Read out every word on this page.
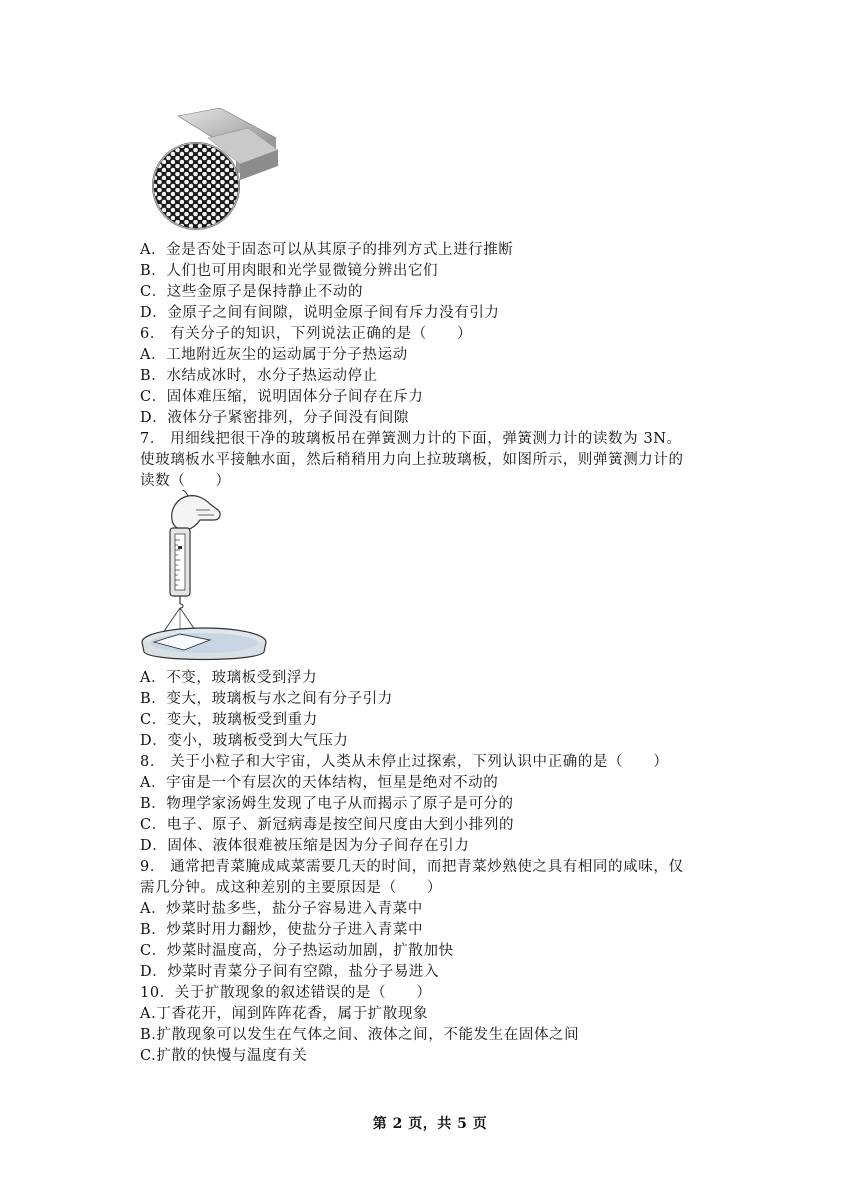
A．金是否处于固态可以从其原子的排列方式上进行推断
B．人们也可用肉眼和光学显微镜分辨出它们
C．这些金原子是保持静止不动的
D．金原子之间有间隙，说明金原子间有斥力没有引力
6． 有关分子的知识，下列说法正确的是（　　）
A．工地附近灰尘的运动属于分子热运动
B．水结成冰时，水分子热运动停止
C．固体难压缩，说明固体分子间存在斥力
D．液体分子紧密排列，分子间没有间隙
7． 用细线把很干净的玻璃板吊在弹簧测力计的下面，弹簧测力计的读数为 3N。
使玻璃板水平接触水面，然后稍稍用力向上拉玻璃板，如图所示，则弹簧测力计的
读数（　　）
A．不变，玻璃板受到浮力
B．变大，玻璃板与水之间有分子引力
C．变大，玻璃板受到重力
D．变小，玻璃板受到大气压力
8． 关于小粒子和大宇宙，人类从未停止过探索，下列认识中正确的是（　　）
A．宇宙是一个有层次的天体结构，恒星是绝对不动的
B．物理学家汤姆生发现了电子从而揭示了原子是可分的
C．电子、原子、新冠病毒是按空间尺度由大到小排列的
D．固体、液体很难被压缩是因为分子间存在引力
9． 通常把青菜腌成咸菜需要几天的时间，而把青菜炒熟使之具有相同的咸味，仅
需几分钟。成这种差别的主要原因是（　　）
A．炒菜时盐多些，盐分子容易进入青菜中
B．炒菜时用力翻炒，使盐分子进入青菜中
C．炒菜时温度高，分子热运动加剧，扩散加快
D．炒菜时青菜分子间有空隙，盐分子易进入
10．关于扩散现象的叙述错误的是（　　）
A.丁香花开，闻到阵阵花香，属于扩散现象
B.扩散现象可以发生在气体之间、液体之间，不能发生在固体之间
C.扩散的快慢与温度有关
第 2 页，共 5 页
